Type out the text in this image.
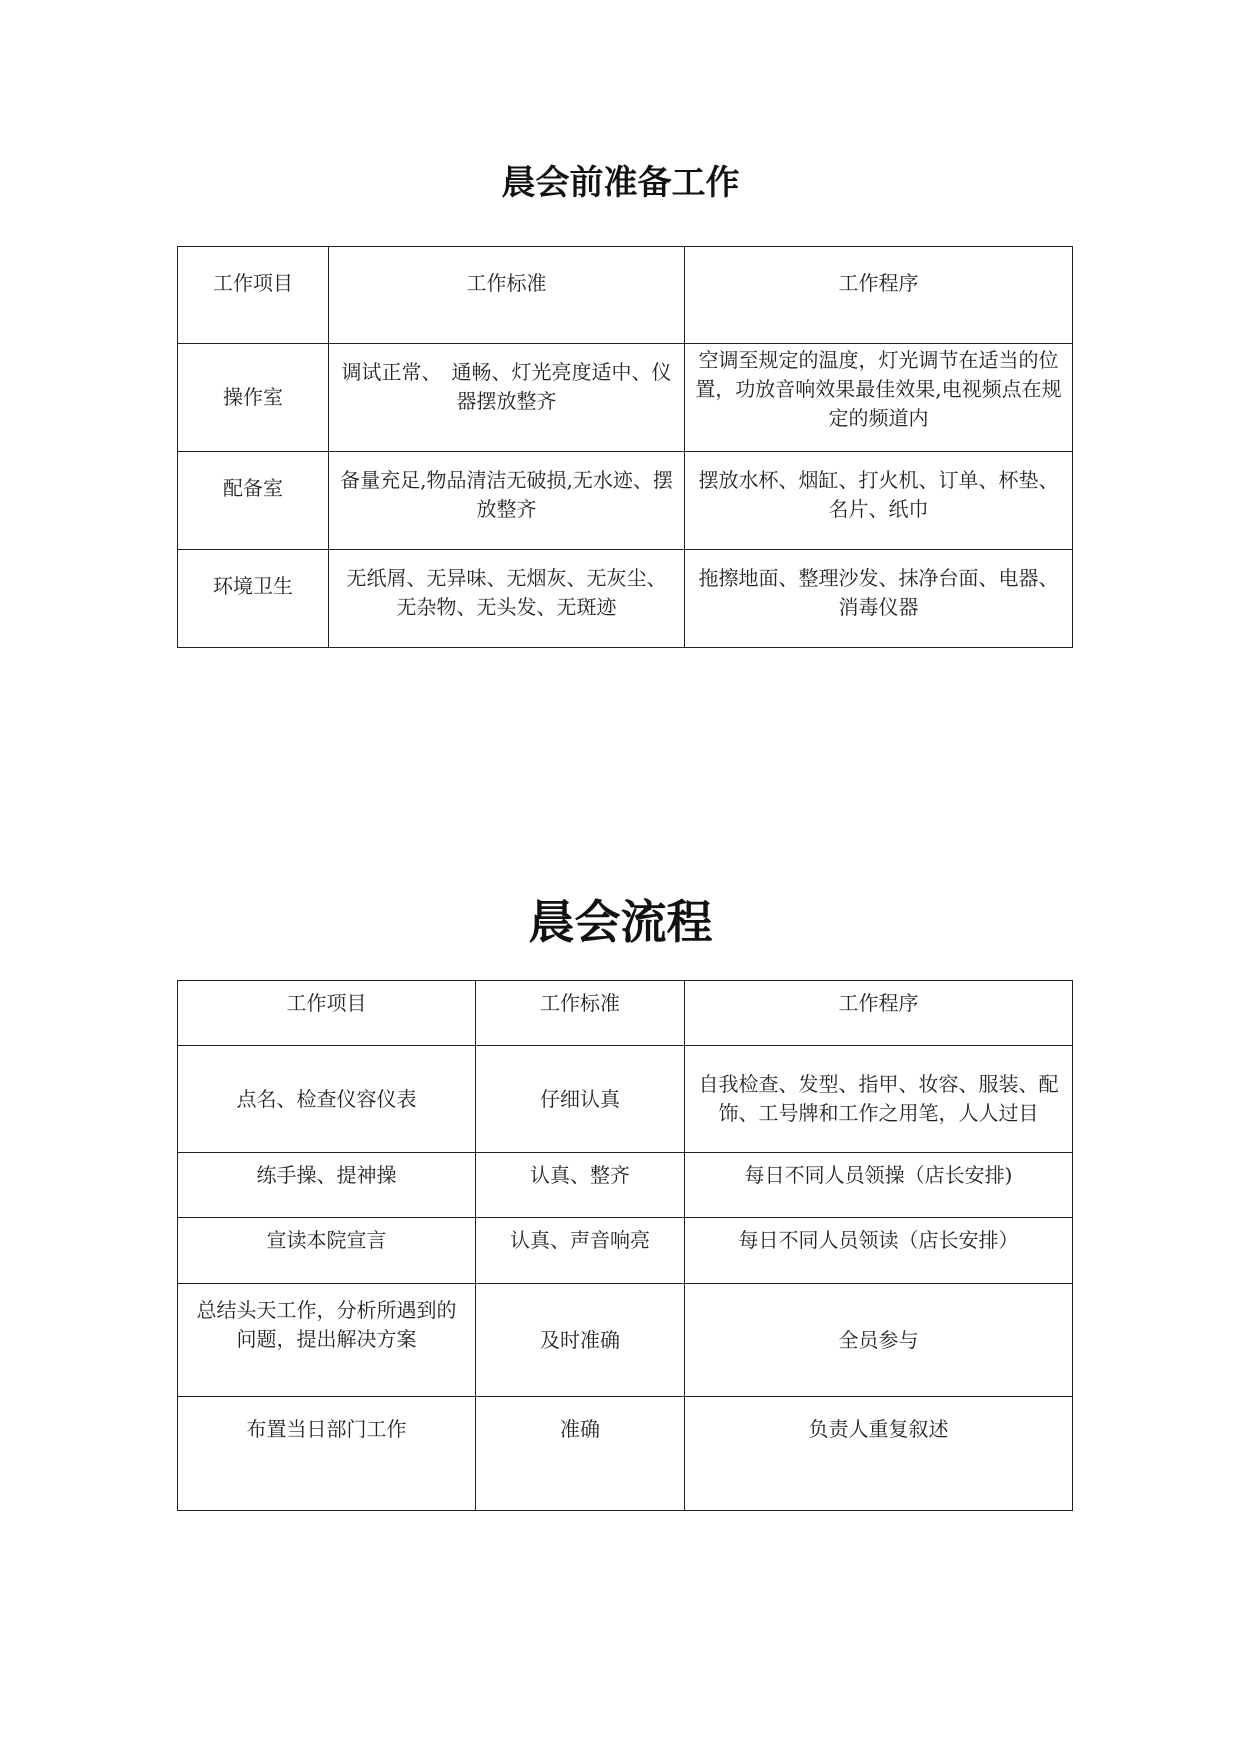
晨会前准备工作
工作项目	工作标准	工作程序
操作室	调试正常、　通畅、灯光亮度适中、仪器摆放整齐	空调至规定的温度，灯光调节在适当的位置，功放音响效果最佳效果,电视频点在规定的频道内
配备室	备量充足,物品清洁无破损,无水迹、摆放整齐	摆放水杯、烟缸、打火机、订单、杯垫、名片、纸巾
环境卫生	无纸屑、无异味、无烟灰、无灰尘、无杂物、无头发、无斑迹	拖擦地面、整理沙发、抹净台面、电器、消毒仪器
晨会流程
工作项目	工作标准	工作程序
点名、检查仪容仪表	仔细认真	自我检查、发型、指甲、妆容、服装、配饰、工号牌和工作之用笔，人人过目
练手操、提神操	认真、整齐	每日不同人员领操（店长安排)
宣读本院宣言	认真、声音响亮	每日不同人员领读（店长安排）
总结头天工作，分析所遇到的问题，提出解决方案	及时准确	全员参与
布置当日部门工作	准确	负责人重复叙述
